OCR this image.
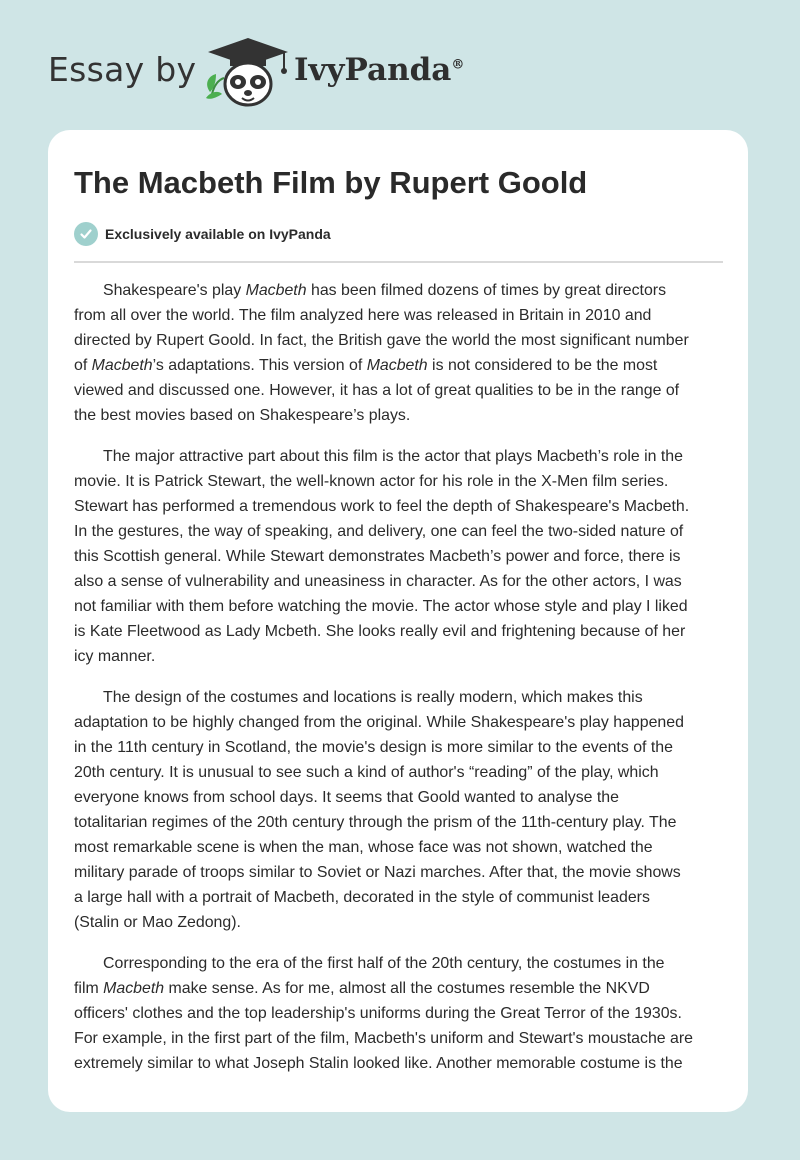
Essay by	IvyPanda®
The Macbeth Film by Rupert Goold
Exclusively available on IvyPanda

Shakespeare's play Macbeth has been filmed dozens of times by great directors
from all over the world. The film analyzed here was released in Britain in 2010 and
directed by Rupert Goold. In fact, the British gave the world the most significant number
of Macbeth’s adaptations. This version of Macbeth is not considered to be the most
viewed and discussed one. However, it has a lot of great qualities to be in the range of
the best movies based on Shakespeare’s plays.

The major attractive part about this film is the actor that plays Macbeth’s role in the
movie. It is Patrick Stewart, the well-known actor for his role in the X-Men film series.
Stewart has performed a tremendous work to feel the depth of Shakespeare's Macbeth.
In the gestures, the way of speaking, and delivery, one can feel the two-sided nature of
this Scottish general. While Stewart demonstrates Macbeth’s power and force, there is
also a sense of vulnerability and uneasiness in character. As for the other actors, I was
not familiar with them before watching the movie. The actor whose style and play I liked
is Kate Fleetwood as Lady Mcbeth. She looks really evil and frightening because of her
icy manner.

The design of the costumes and locations is really modern, which makes this
adaptation to be highly changed from the original. While Shakespeare's play happened
in the 11th century in Scotland, the movie's design is more similar to the events of the
20th century. It is unusual to see such a kind of author's “reading” of the play, which
everyone knows from school days. It seems that Goold wanted to analyse the
totalitarian regimes of the 20th century through the prism of the 11th-century play. The
most remarkable scene is when the man, whose face was not shown, watched the
military parade of troops similar to Soviet or Nazi marches. After that, the movie shows
a large hall with a portrait of Macbeth, decorated in the style of communist leaders
(Stalin or Mao Zedong).

Corresponding to the era of the first half of the 20th century, the costumes in the
film Macbeth make sense. As for me, almost all the costumes resemble the NKVD
officers' clothes and the top leadership's uniforms during the Great Terror of the 1930s.
For example, in the first part of the film, Macbeth's uniform and Stewart's moustache are
extremely similar to what Joseph Stalin looked like. Another memorable costume is the
